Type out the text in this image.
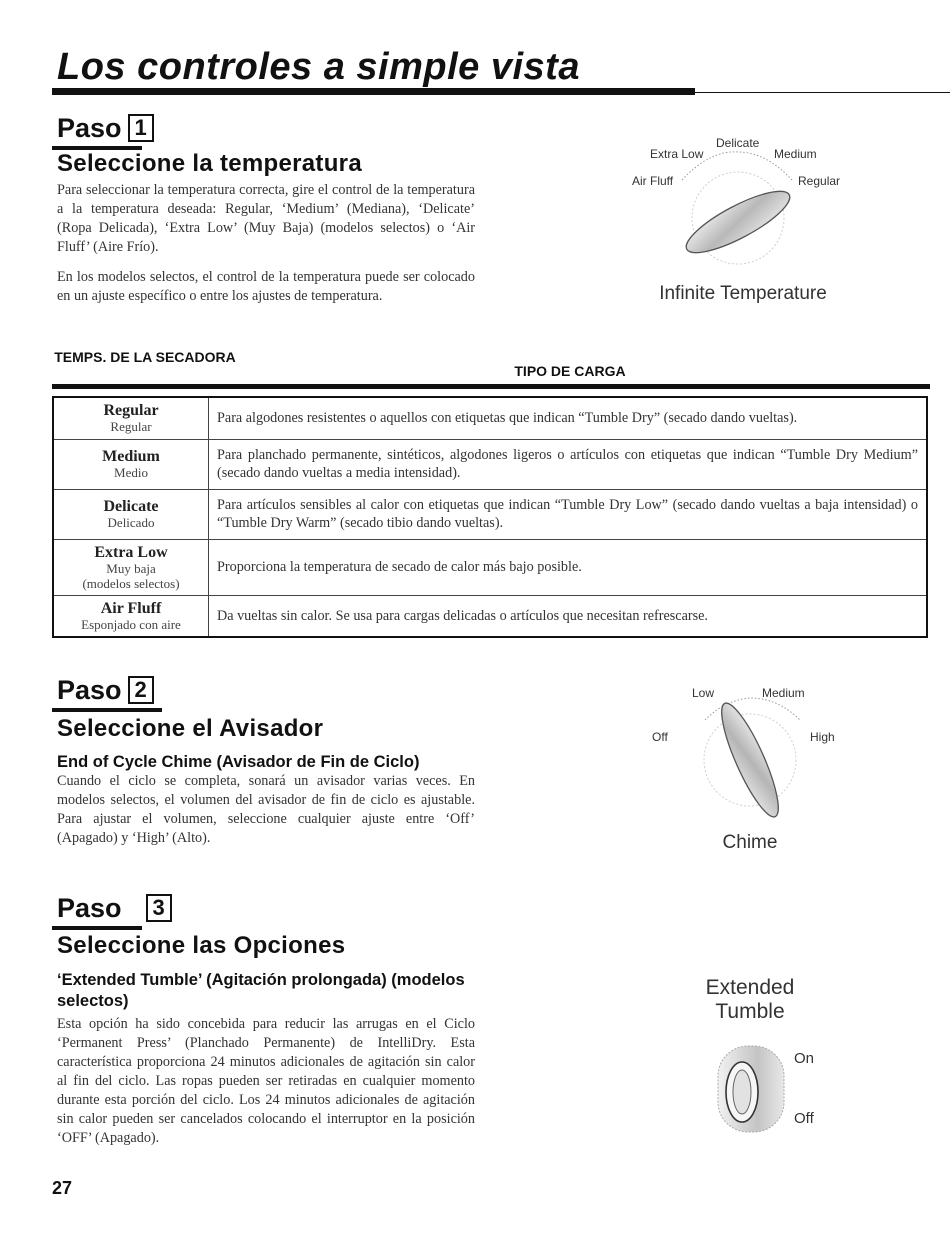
Los controles a simple vista
Paso 1
Seleccione la temperatura

Para seleccionar la temperatura correcta, gire el control de la temperatura a la temperatura deseada: Regular, ‘Medium’ (Mediana), ‘Delicate’ (Ropa Delicada), ‘Extra Low’ (Muy Baja) (modelos selectos) o ‘Air Fluff’ (Aire Frío).

En los modelos selectos, el control de la temperatura puede ser colocado en un ajuste específico o entre los ajustes de temperatura.

Delicate
Extra Low	Medium
Air Fluff	Regular
Infinite Temperature
TEMPS. DE LA SECADORA
TIPO DE CARGA
Regular
Regular	Para algodones resistentes o aquellos con etiquetas que indican “Tumble Dry” (secado dando vueltas).

Medium
Medio	Para planchado permanente, sintéticos, algodones ligeros o artículos con etiquetas que indican “Tumble Dry Medium” (secado dando vueltas a media intensidad).

Delicate
Delicado	Para artículos sensibles al calor con etiquetas que indican “Tumble Dry Low” (secado dando vueltas a baja intensidad) o “Tumble Dry Warm” (secado tibio dando vueltas).

Extra Low
Muy baja
(modelos selectos)	Proporciona la temperatura de secado de calor más bajo posible.

Air Fluff
Esponjado con aire	Da vueltas sin calor. Se usa para cargas delicadas o artículos que necesitan refrescarse.
Paso 2
Seleccione el Avisador
End of Cycle Chime (Avisador de Fin de Ciclo)

Cuando el ciclo se completa, sonará un avisador varias veces. En modelos selectos, el volumen del avisador de fin de ciclo es ajustable. Para ajustar el volumen, seleccione cualquier ajuste entre ‘Off’ (Apagado) y ‘High’ (Alto).

Low	Medium
Off	High
Chime
Paso 3
Seleccione las Opciones
‘Extended Tumble’ (Agitación prolongada) (modelos selectos)

Esta opción ha sido concebida para reducir las arrugas en el Ciclo ‘Permanent Press’ (Planchado Permanente) de IntelliDry. Esta característica proporciona 24 minutos adicionales de agitación sin calor al fin del ciclo. Las ropas pueden ser retiradas en cualquier momento durante esta porción del ciclo. Los 24 minutos adicionales de agitación sin calor pueden ser cancelados colocando el interruptor en la posición ‘OFF’ (Apagado).

Extended
Tumble
On
Off
27
